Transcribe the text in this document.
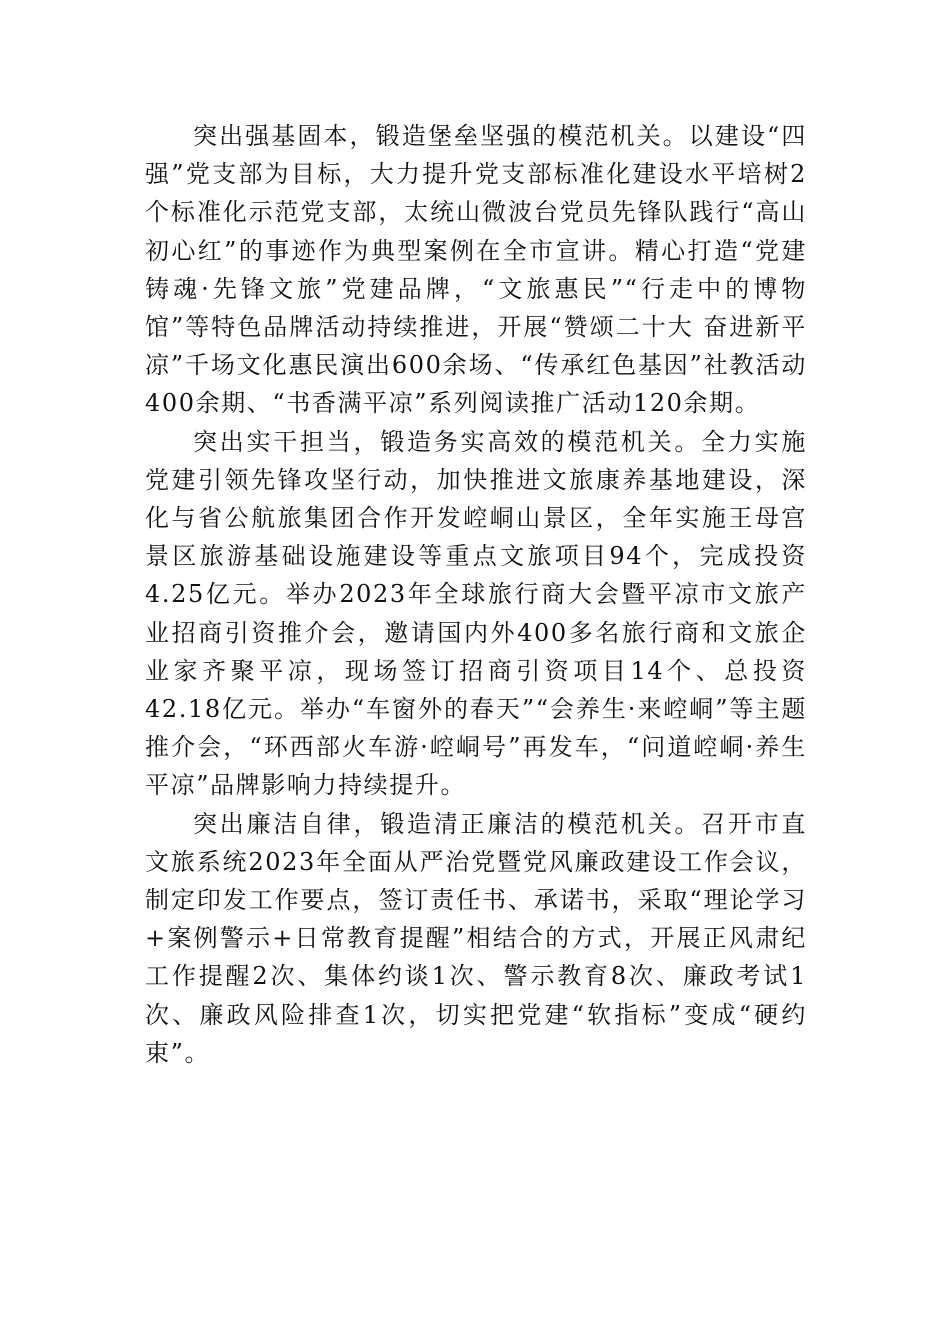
突出强基固本，锻造堡垒坚强的模范机关。以建设“四强”党支部为目标，大力提升党支部标准化建设水平培树2个标准化示范党支部，太统山微波台党员先锋队践行“高山初心红”的事迹作为典型案例在全市宣讲。精心打造“党建铸魂·先锋文旅”党建品牌，“文旅惠民”“行走中的博物馆”等特色品牌活动持续推进，开展“赞颂二十大 奋进新平凉”千场文化惠民演出600余场、“传承红色基因”社教活动400余期、“书香满平凉”系列阅读推广活动120余期。

突出实干担当，锻造务实高效的模范机关。全力实施党建引领先锋攻坚行动，加快推进文旅康养基地建设，深化与省公航旅集团合作开发崆峒山景区，全年实施王母宫景区旅游基础设施建设等重点文旅项目94个，完成投资4.25亿元。举办2023年全球旅行商大会暨平凉市文旅产业招商引资推介会，邀请国内外400多名旅行商和文旅企业家齐聚平凉，现场签订招商引资项目14个、总投资42.18亿元。举办“车窗外的春天”“会养生·来崆峒”等主题推介会，“环西部火车游·崆峒号”再发车，“问道崆峒·养生平凉”品牌影响力持续提升。

突出廉洁自律，锻造清正廉洁的模范机关。召开市直文旅系统2023年全面从严治党暨党风廉政建设工作会议，制定印发工作要点，签订责任书、承诺书，采取“理论学习+案例警示+日常教育提醒”相结合的方式，开展正风肃纪工作提醒2次、集体约谈1次、警示教育8次、廉政考试1次、廉政风险排查1次，切实把党建“软指标”变成“硬约束”。
